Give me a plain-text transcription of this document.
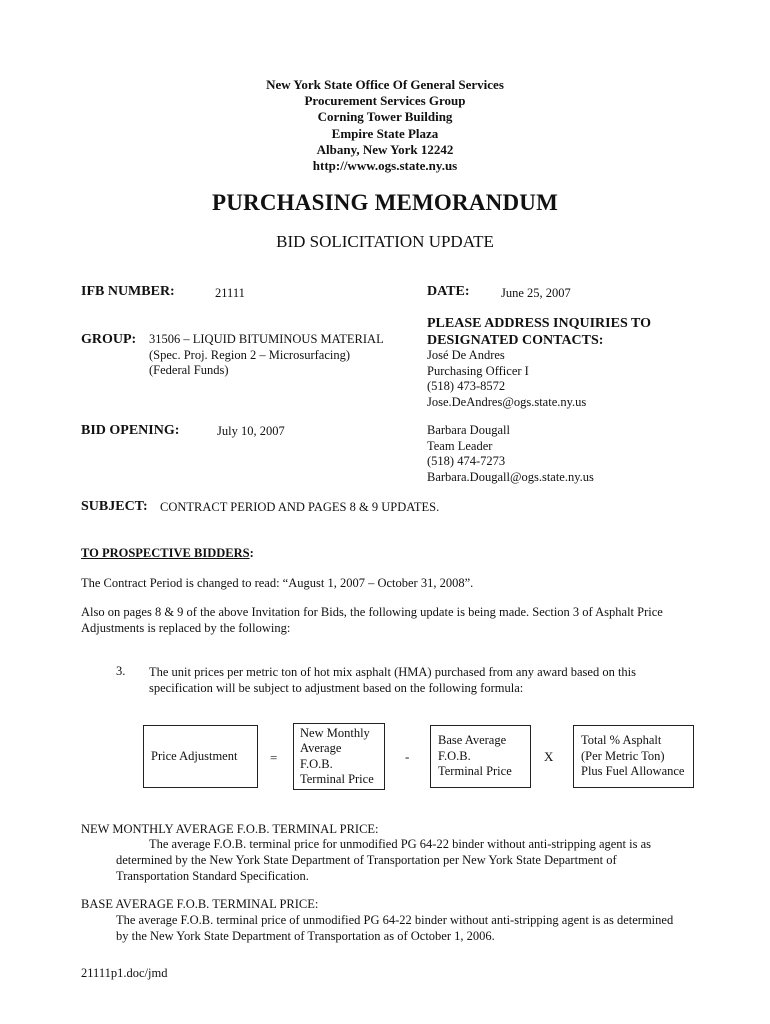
New York State Office Of General Services
Procurement Services Group
Corning Tower Building
Empire State Plaza
Albany, New York 12242
http://www.ogs.state.ny.us
PURCHASING MEMORANDUM
BID SOLICITATION UPDATE
IFB NUMBER:	21111	DATE:	June 25, 2007
GROUP: 31506 – LIQUID BITUMINOUS MATERIAL
(Spec. Proj. Region 2 – Microsurfacing)
(Federal Funds)
PLEASE ADDRESS INQUIRIES TO
DESIGNATED CONTACTS:
José De Andres
Purchasing Officer I
(518) 473-8572
Jose.DeAndres@ogs.state.ny.us
BID OPENING:	July 10, 2007	Barbara Dougall
Team Leader
(518) 474-7273
Barbara.Dougall@ogs.state.ny.us
SUBJECT: CONTRACT PERIOD AND PAGES 8 & 9 UPDATES.
TO PROSPECTIVE BIDDERS:
The Contract Period is changed to read: “August 1, 2007 – October 31, 2008”.
Also on pages 8 & 9 of the above Invitation for Bids, the following update is being made. Section 3 of Asphalt Price
Adjustments is replaced by the following:
3. The unit prices per metric ton of hot mix asphalt (HMA) purchased from any award based on this
specification will be subject to adjustment based on the following formula:
Price Adjustment	=
New Monthly
Average
F.O.B.
Terminal Price
-
Base Average
F.O.B.
Terminal Price
X
Total % Asphalt
(Per Metric Ton)
Plus Fuel Allowance
NEW MONTHLY AVERAGE F.O.B. TERMINAL PRICE:
The average F.O.B. terminal price for unmodified PG 64-22 binder without anti-stripping agent is as
determined by the New York State Department of Transportation per New York State Department of
Transportation Standard Specification.
BASE AVERAGE F.O.B. TERMINAL PRICE:
The average F.O.B. terminal price of unmodified PG 64-22 binder without anti-stripping agent is as determined
by the New York State Department of Transportation as of October 1, 2006.
21111p1.doc/jmd
